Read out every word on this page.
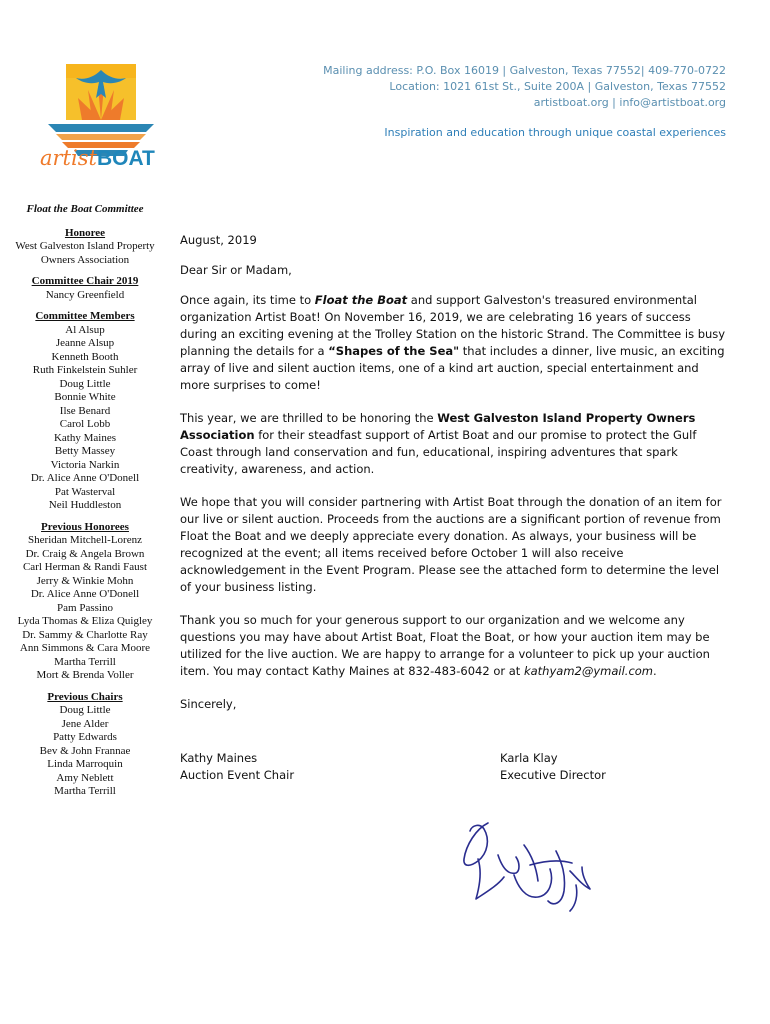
artistBOAT
Mailing address: P.O. Box 16019 | Galveston, Texas 77552| 409-770-0722
Location: 1021 61st St., Suite 200A | Galveston, Texas 77552
artistboat.org | info@artistboat.org
Inspiration and education through unique coastal experiences
Float the Boat Committee
Honoree
West Galveston Island Property Owners Association
Committee Chair 2019
Nancy Greenfield
Committee Members
Al Alsup
Jeanne Alsup
Kenneth Booth
Ruth Finkelstein Suhler
Doug Little
Bonnie White
Ilse Benard
Carol Lobb
Kathy Maines
Betty Massey
Victoria Narkin
Dr. Alice Anne O'Donell
Pat Wasterval
Neil Huddleston
Previous Honorees
Sheridan Mitchell-Lorenz
Dr. Craig & Angela Brown
Carl Herman & Randi Faust
Jerry & Winkie Mohn
Dr. Alice Anne O'Donell
Pam Passino
Lyda Thomas & Eliza Quigley
Dr. Sammy & Charlotte Ray
Ann Simmons & Cara Moore
Martha Terrill
Mort & Brenda Voller
Previous Chairs
Doug Little
Jene Alder
Patty Edwards
Bev & John Frannae
Linda Marroquin
Amy Neblett
Martha Terrill

August, 2019

Dear Sir or Madam,

Once again, its time to Float the Boat and support Galveston's treasured environmental organization Artist Boat! On November 16, 2019, we are celebrating 16 years of success during an exciting evening at the Trolley Station on the historic Strand. The Committee is busy planning the details for a “Shapes of the Sea" that includes a dinner, live music, an exciting array of live and silent auction items, one of a kind art auction, special entertainment and more surprises to come!

This year, we are thrilled to be honoring the West Galveston Island Property Owners Association for their steadfast support of Artist Boat and our promise to protect the Gulf Coast through land conservation and fun, educational, inspiring adventures that spark creativity, awareness, and action.

We hope that you will consider partnering with Artist Boat through the donation of an item for our live or silent auction. Proceeds from the auctions are a significant portion of revenue from Float the Boat and we deeply appreciate every donation. As always, your business will be recognized at the event; all items received before October 1 will also receive acknowledgement in the Event Program. Please see the attached form to determine the level of your business listing.

Thank you so much for your generous support to our organization and we welcome any questions you may have about Artist Boat, Float the Boat, or how your auction item may be utilized for the live auction. We are happy to arrange for a volunteer to pick up your auction item. You may contact Kathy Maines at 832-483-6042 or at kathyam2@ymail.com.

Sincerely,

Kathy Maines
Auction Event Chair
Karla Klay
Executive Director
